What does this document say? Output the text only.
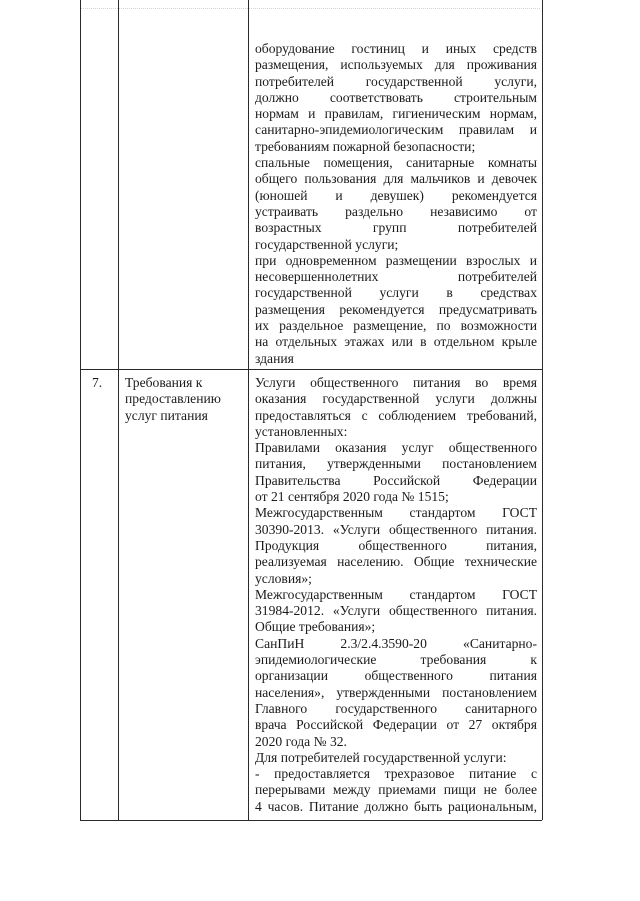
оборудование гостиниц и иных средств
размещения, используемых для проживания
потребителей государственной услуги,
должно соответствовать строительным
нормам и правилам, гигиеническим нормам,
санитарно-эпидемиологическим правилам и
требованиям пожарной безопасности;
спальные помещения, санитарные комнаты
общего пользования для мальчиков и девочек
(юношей и девушек) рекомендуется
устраивать раздельно независимо от
возрастных групп потребителей
государственной услуги;
при одновременном размещении взрослых и
несовершеннолетних потребителей
государственной услуги в средствах
размещения рекомендуется предусматривать
их раздельное размещение, по возможности
на отдельных этажах или в отдельном крыле
здания
7. Требования к
предоставлению
услуг питания
Услуги общественного питания во время
оказания государственной услуги должны
предоставляться с соблюдением требований,
установленных:
Правилами оказания услуг общественного
питания, утвержденными постановлением
Правительства Российской Федерации
от 21 сентября 2020 года № 1515;
Межгосударственным стандартом ГОСТ
30390-2013. «Услуги общественного питания.
Продукция общественного питания,
реализуемая населению. Общие технические
условия»;
Межгосударственным стандартом ГОСТ
31984-2012. «Услуги общественного питания.
Общие требования»;
СанПиН 2.3/2.4.3590-20 «Санитарно-
эпидемиологические требования к
организации общественного питания
населения», утвержденными постановлением
Главного государственного санитарного
врача Российской Федерации от 27 октября
2020 года № 32.
Для потребителей государственной услуги:
- предоставляется трехразовое питание с
перерывами между приемами пищи не более
4 часов. Питание должно быть рациональным,
